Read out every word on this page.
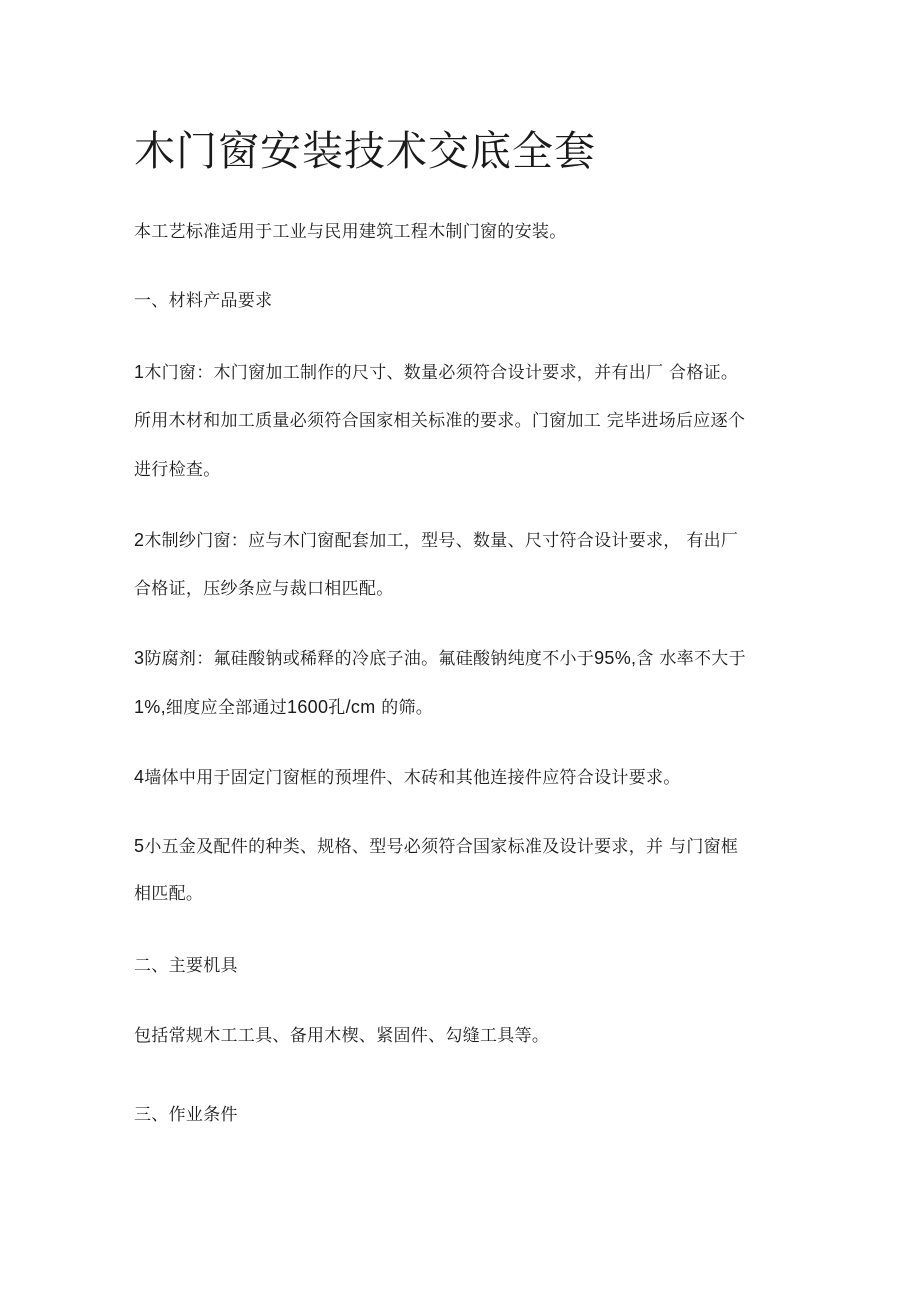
木门窗安装技术交底全套
本工艺标准适用于工业与民用建筑工程木制门窗的安装。
一、材料产品要求
1木门窗：木门窗加工制作的尺寸、数量必须符合设计要求，并有出厂 合格证。
所用木材和加工质量必须符合国家相关标准的要求。门窗加工 完毕进场后应逐个
进行检查。
2木制纱门窗：应与木门窗配套加工，型号、数量、尺寸符合设计要求， 有出厂
合格证，压纱条应与裁口相匹配。
3防腐剂：氟硅酸钠或稀释的冷底子油。氟硅酸钠纯度不小于95%,含 水率不大于
1%,细度应全部通过1600孔/cm 的筛。
4墙体中用于固定门窗框的预埋件、木砖和其他连接件应符合设计要求。
5小五金及配件的种类、规格、型号必须符合国家标准及设计要求，并 与门窗框
相匹配。
二、主要机具
包括常规木工工具、备用木楔、紧固件、勾缝工具等。
三、作业条件
